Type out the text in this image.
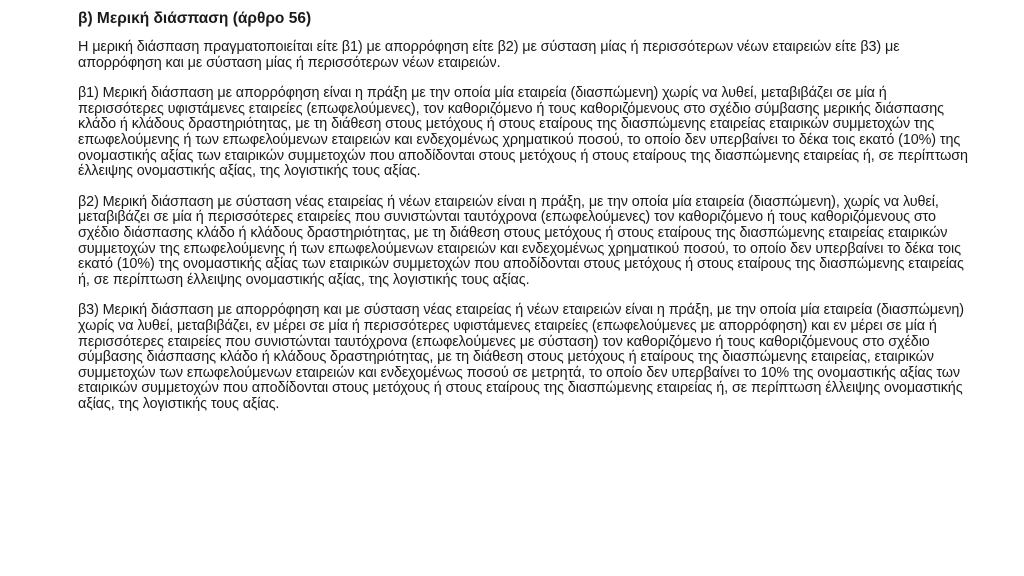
β) Μερική διάσπαση (άρθρο 56)

Η μερική διάσπαση πραγματοποιείται είτε β1) με απορρόφηση είτε β2) με σύσταση μίας ή περισσότερων νέων εταιρειών είτε β3) με απορρόφηση και με σύσταση μίας ή περισσότερων νέων εταιρειών.

β1) Μερική διάσπαση με απορρόφηση είναι η πράξη με την οποία μία εταιρεία (διασπώμενη) χωρίς να λυθεί, μεταβιβάζει σε μία ή περισσότερες υφιστάμενες εταιρείες (επωφελούμενες), τον καθοριζόμενο ή τους καθοριζόμενους στο σχέδιο σύμβασης μερικής διάσπασης κλάδο ή κλάδους δραστηριότητας, με τη διάθεση στους μετόχους ή στους εταίρους της διασπώμενης εταιρείας εταιρικών συμμετοχών της επωφελούμενης ή των επωφελούμενων εταιρειών και ενδεχομένως χρηματικού ποσού, το οποίο δεν υπερβαίνει το δέκα τοις εκατό (10%) της ονομαστικής αξίας των εταιρικών συμμετοχών που αποδίδονται στους μετόχους ή στους εταίρους της διασπώμενης εταιρείας ή, σε περίπτωση έλλειψης ονομαστικής αξίας, της λογιστικής τους αξίας.

β2) Μερική διάσπαση με σύσταση νέας εταιρείας ή νέων εταιρειών είναι η πράξη, με την οποία μία εταιρεία (διασπώμενη), χωρίς να λυθεί, μεταβιβάζει σε μία ή περισσότερες εταιρείες που συνιστώνται ταυτόχρονα (επωφελούμενες) τον καθοριζόμενο ή τους καθοριζόμενους στο σχέδιο διάσπασης κλάδο ή κλάδους δραστηριότητας, με τη διάθεση στους μετόχους ή στους εταίρους της διασπώμενης εταιρείας εταιρικών συμμετοχών της επωφελούμενης ή των επωφελούμενων εταιρειών και ενδεχομένως χρηματικού ποσού, το οποίο δεν υπερβαίνει το δέκα τοις εκατό (10%) της ονομαστικής αξίας των εταιρικών συμμετοχών που αποδίδονται στους μετόχους ή στους εταίρους της διασπώμενης εταιρείας ή, σε περίπτωση έλλειψης ονομαστικής αξίας, της λογιστικής τους αξίας.

β3) Μερική διάσπαση με απορρόφηση και με σύσταση νέας εταιρείας ή νέων εταιρειών είναι η πράξη, με την οποία μία εταιρεία (διασπώμενη) χωρίς να λυθεί, μεταβιβάζει, εν μέρει σε μία ή περισσότερες υφιστάμενες εταιρείες (επωφελούμενες με απορρόφηση) και εν μέρει σε μία ή περισσότερες εταιρείες που συνιστώνται ταυτόχρονα (επωφελούμενες με σύσταση) τον καθοριζόμενο ή τους καθοριζόμενους στο σχέδιο σύμβασης διάσπασης κλάδο ή κλάδους δραστηριότητας, με τη διάθεση στους μετόχους ή εταίρους της διασπώμενης εταιρείας, εταιρικών συμμετοχών των επωφελούμενων εταιρειών και ενδεχομένως ποσού σε μετρητά, το οποίο δεν υπερβαίνει το 10% της ονομαστικής αξίας των εταιρικών συμμετοχών που αποδίδονται στους μετόχους ή στους εταίρους της διασπώμενης εταιρείας ή, σε περίπτωση έλλειψης ονομαστικής αξίας, της λογιστικής τους αξίας.
